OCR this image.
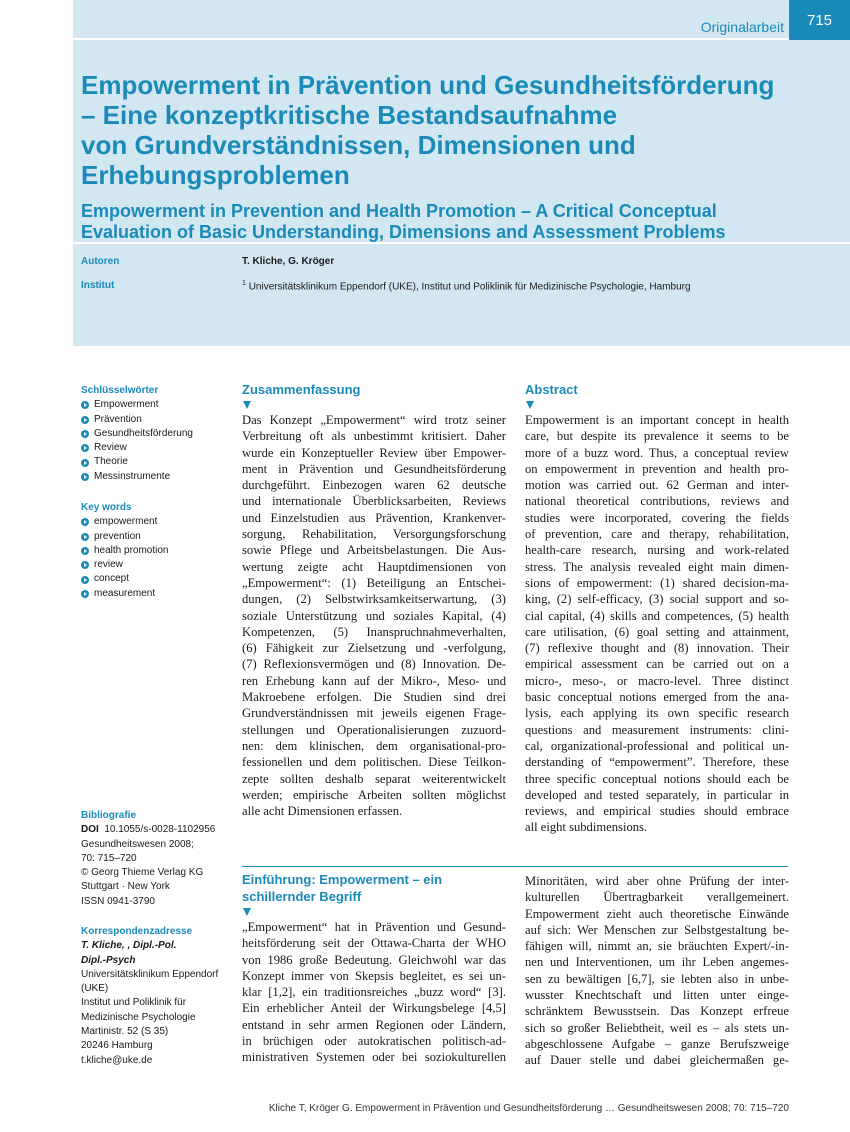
Originalarbeit	715
Empowerment in Prävention und Gesundheitsförderung
– Eine konzeptkritische Bestandsaufnahme
von Grundverständnissen, Dimensionen und
Erhebungsproblemen
Empowerment in Prevention and Health Promotion – A Critical Conceptual
Evaluation of Basic Understanding, Dimensions and Assessment Problems
Autoren	T. Kliche, G. Kröger
Institut	$^1$ Universitätsklinikum Eppendorf (UKE), Institut und Poliklinik für Medizinische Psychologie, Hamburg
Schlüsselwörter
Empowerment
Prävention
Gesundheitsförderung
Review
Theorie
Messinstrumente
Key words
empowerment
prevention
health promotion
review
concept
measurement
Bibliografie
DOI 10.1055/s-0028-1102956
Gesundheitswesen 2008;
70: 715–720
© Georg Thieme Verlag KG
Stuttgart · New York
ISSN 0941-3790
Korrespondenzadresse
T. Kliche, , Dipl.-Pol.
Dipl.-Psych
Universitätsklinikum Eppendorf
(UKE)
Institut und Poliklinik für
Medizinische Psychologie
Martinistr. 52 (S 35)
20246 Hamburg
t.kliche@uke.de
Zusammenfassung
Das Konzept „Empowerment“ wird trotz seiner
Verbreitung oft als unbestimmt kritisiert. Daher
wurde ein Konzeptueller Review über Empower-
ment in Prävention und Gesundheitsförderung
durchgeführt. Einbezogen waren 62 deutsche
und internationale Überblicksarbeiten, Reviews
und Einzelstudien aus Prävention, Krankenver-
sorgung, Rehabilitation, Versorgungsforschung
sowie Pflege und Arbeitsbelastungen. Die Aus-
wertung zeigte acht Hauptdimensionen von
„Empowerment“: (1) Beteiligung an Entschei-
dungen, (2) Selbstwirksamkeitserwartung, (3)
soziale Unterstützung und soziales Kapital, (4)
Kompetenzen, (5) Inanspruchnahmeverhalten,
(6) Fähigkeit zur Zielsetzung und -verfolgung,
(7) Reflexionsvermögen und (8) Innovation. De-
ren Erhebung kann auf der Mikro-, Meso- und
Makroebene erfolgen. Die Studien sind drei
Grundverständnissen mit jeweils eigenen Frage-
stellungen und Operationalisierungen zuzuord-
nen: dem klinischen, dem organisational-pro-
fessionellen und dem politischen. Diese Teilkon-
zepte sollten deshalb separat weiterentwickelt
werden; empirische Arbeiten sollten möglichst
alle acht Dimensionen erfassen.
Abstract
Empowerment is an important concept in health
care, but despite its prevalence it seems to be
more of a buzz word. Thus, a conceptual review
on empowerment in prevention and health pro-
motion was carried out. 62 German and inter-
national theoretical contributions, reviews and
studies were incorporated, covering the fields
of prevention, care and therapy, rehabilitation,
health-care research, nursing and work-related
stress. The analysis revealed eight main dimen-
sions of empowerment: (1) shared decision-ma-
king, (2) self-efficacy, (3) social support and so-
cial capital, (4) skills and competences, (5) health
care utilisation, (6) goal setting and attainment,
(7) reflexive thought and (8) innovation. Their
empirical assessment can be carried out on a
micro-, meso-, or macro-level. Three distinct
basic conceptual notions emerged from the ana-
lysis, each applying its own specific research
questions and measurement instruments: clini-
cal, organizational-professional and political un-
derstanding of “empowerment”. Therefore, these
three specific conceptual notions should each be
developed and tested separately, in particular in
reviews, and empirical studies should embrace
all eight subdimensions.
Einführung: Empowerment – ein
schillernder Begriff
„Empowerment“ hat in Prävention und Gesund-
heitsförderung seit der Ottawa-Charta der WHO
von 1986 große Bedeutung. Gleichwohl war das
Konzept immer von Skepsis begleitet, es sei un-
klar [1,2], ein traditionsreiches „buzz word“ [3].
Ein erheblicher Anteil der Wirkungsbelege [4,5]
entstand in sehr armen Regionen oder Ländern,
in brüchigen oder autokratischen politisch-ad-
ministrativen Systemen oder bei soziokulturellen
Minoritäten, wird aber ohne Prüfung der inter-
kulturellen Übertragbarkeit verallgemeinert.
Empowerment zieht auch theoretische Einwände
auf sich: Wer Menschen zur Selbstgestaltung be-
fähigen will, nimmt an, sie bräuchten Expert/-in-
nen und Interventionen, um ihr Leben angemes-
sen zu bewältigen [6,7], sie lebten also in unbe-
wusster Knechtschaft und litten unter einge-
schränktem Bewusstsein. Das Konzept erfreue
sich so großer Beliebtheit, weil es – als stets un-
abgeschlossene Aufgabe – ganze Berufszweige
auf Dauer stelle und dabei gleichermaßen ge-
Kliche T, Kröger G. Empowerment in Prävention und Gesundheitsförderung … Gesundheitswesen 2008; 70: 715–720
